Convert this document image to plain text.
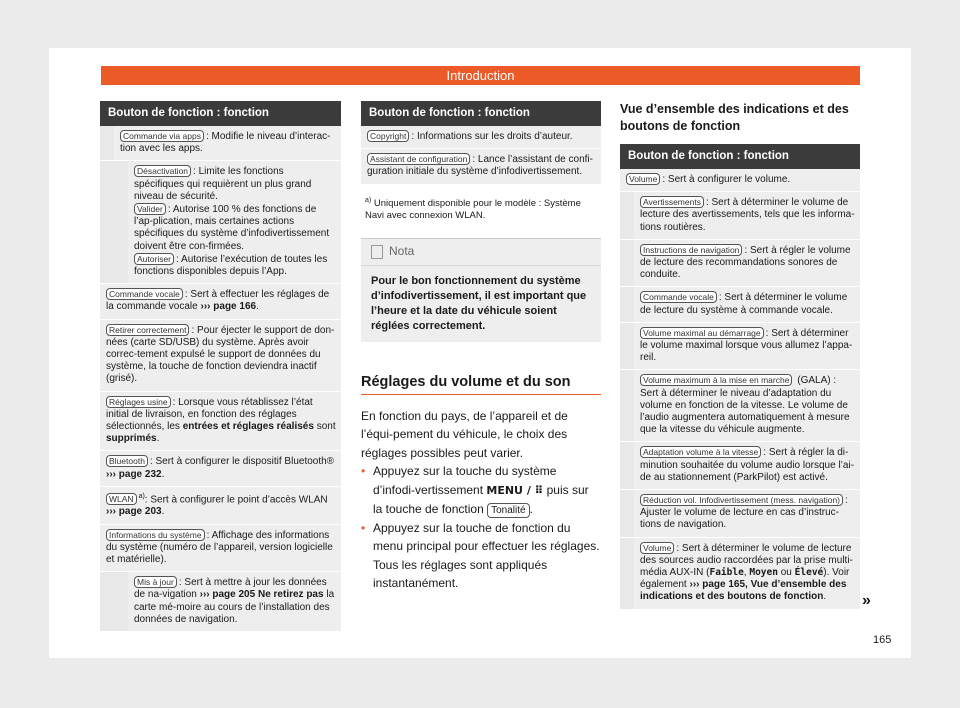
Introduction
Bouton de fonction : fonction
Commande via apps : Modifie le niveau d’interac-tion avec les apps.
Désactivation : Limite les fonctions spécifiques qui requièrent un plus grand niveau de sécurité.
Valider : Autorise 100 % des fonctions de l’ap-plication, mais certaines actions spécifiques du système d’infodivertissement doivent être con-firmées.
Autoriser : Autorise l’exécution de toutes les fonctions disponibles depuis l’App.
Commande vocale : Sert à effectuer les réglages de la commande vocale ››› page 166.
Retirer correctement : Pour éjecter le support de don-nées (carte SD/USB) du système. Après avoir correc-tement expulsé le support de données du système, la touche de fonction deviendra inactif (grisé).
Réglages usine : Lorsque vous rétablissez l’état initial de livraison, en fonction des réglages sélectionnés, les entrées et réglages réalisés sont supprimés.
Bluetooth : Sert à configurer le dispositif Bluetooth® ››› page 232.
WLAN $^{a)}$: Sert à configurer le point d’accès WLAN ››› page 203.
Informations du système : Affichage des informations du système (numéro de l’appareil, version logicielle et matérielle).
Mis à jour : Sert à mettre à jour les données de na-vigation ››› page 205 Ne retirez pas la carte mé-moire au cours de l’installation des données de navigation.
Bouton de fonction : fonction
Copyright : Informations sur les droits d’auteur.
Assistant de configuration : Lance l’assistant de confi-guration initiale du système d’infodivertissement.

$^{a)}$ Uniquement disponible pour le modèle : Système Navi avec connexion WLAN.

Nota
Pour le bon fonctionnement du système d’infodivertissement, il est important que l’heure et la date du véhicule soient réglées correctement.
Réglages du volume et du son
En fonction du pays, de l’appareil et de l’équi-pement du véhicule, le choix des réglages possibles peut varier.
• Appuyez sur la touche du système d’infodi-vertissement MENU / ⠿ puis sur la touche de fonction Tonalité .
• Appuyez sur la touche de fonction du menu principal pour effectuer les réglages. Tous les réglages sont appliqués instantanément.
Vue d’ensemble des indications et des boutons de fonction
Bouton de fonction : fonction
Volume : Sert à configurer le volume.
Avertissements : Sert à déterminer le volume de lecture des avertissements, tels que les informa-tions routières.
Instructions de navigation : Sert à régler le volume de lecture des recommandations sonores de conduite.
Commande vocale : Sert à déterminer le volume de lecture du système à commande vocale.
Volume maximal au démarrage : Sert à déterminer le volume maximal lorsque vous allumez l’appa-reil.
Volume maximum à la mise en marche (GALA) : Sert à déterminer le niveau d’adaptation du volume en fonction de la vitesse. Le volume de l’audio augmentera automatiquement à mesure que la vitesse du véhicule augmente.
Adaptation volume à la vitesse : Sert à régler la di-minution souhaitée du volume audio lorsque l’ai-de au stationnement (ParkPilot) est activé.
Réduction vol. Infodivertissement (mess. navigation) : Ajuster le volume de lecture en cas d’instruc-tions de navigation.
Volume : Sert à déterminer le volume de lecture des sources audio raccordées par la prise multi-média AUX-IN (Faible, Moyen ou Élevé). Voir également ››› page 165, Vue d’ensemble des indications et des boutons de fonction.	»
165
